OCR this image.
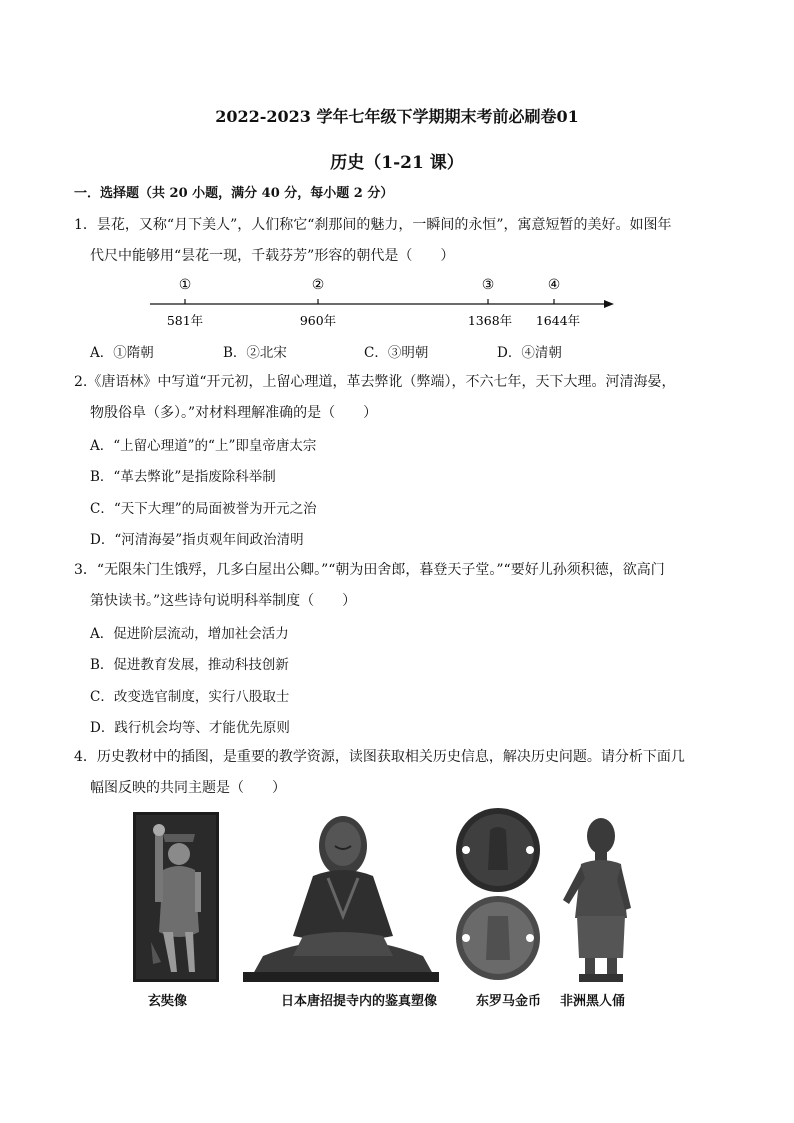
2022-2023 学年七年级下学期期末考前必刷卷01
历史（1-21 课）
一．选择题（共 20 小题，满分 40 分，每小题 2 分）
1．昙花，又称“月下美人”，人们称它“刹那间的魅力，一瞬间的永恒”，寓意短暂的美好。如图年
代尺中能够用“昙花一现，千载芬芳”形容的朝代是（　　）
①	②	③	④
581年	960年	1368年 1644年
A．①隋朝	B．②北宋	C．③明朝	D．④清朝
2.《唐语林》中写道“开元初，上留心理道，革去弊讹（弊端），不六七年，天下大理。河清海晏，
物殷俗阜（多）。”对材料理解准确的是（　　）
A．“上留心理道”的“上”即皇帝唐太宗
B．“革去弊讹”是指废除科举制
C．“天下大理”的局面被誉为开元之治
D．“河清海晏”指贞观年间政治清明
3．“无限朱门生饿殍，几多白屋出公卿。”“朝为田舍郎，暮登天子堂。”“要好儿孙须积德，欲高门
第快读书。”这些诗句说明科举制度（　　）
A．促进阶层流动，增加社会活力
B．促进教育发展，推动科技创新
C．改变选官制度，实行八股取士
D．践行机会均等、才能优先原则
4．历史教材中的插图，是重要的教学资源，读图获取相关历史信息，解决历史问题。请分析下面几
幅图反映的共同主题是（　　）
玄奘像	日本唐招提寺内的鉴真塑像	东罗马金币 非洲黑人俑
